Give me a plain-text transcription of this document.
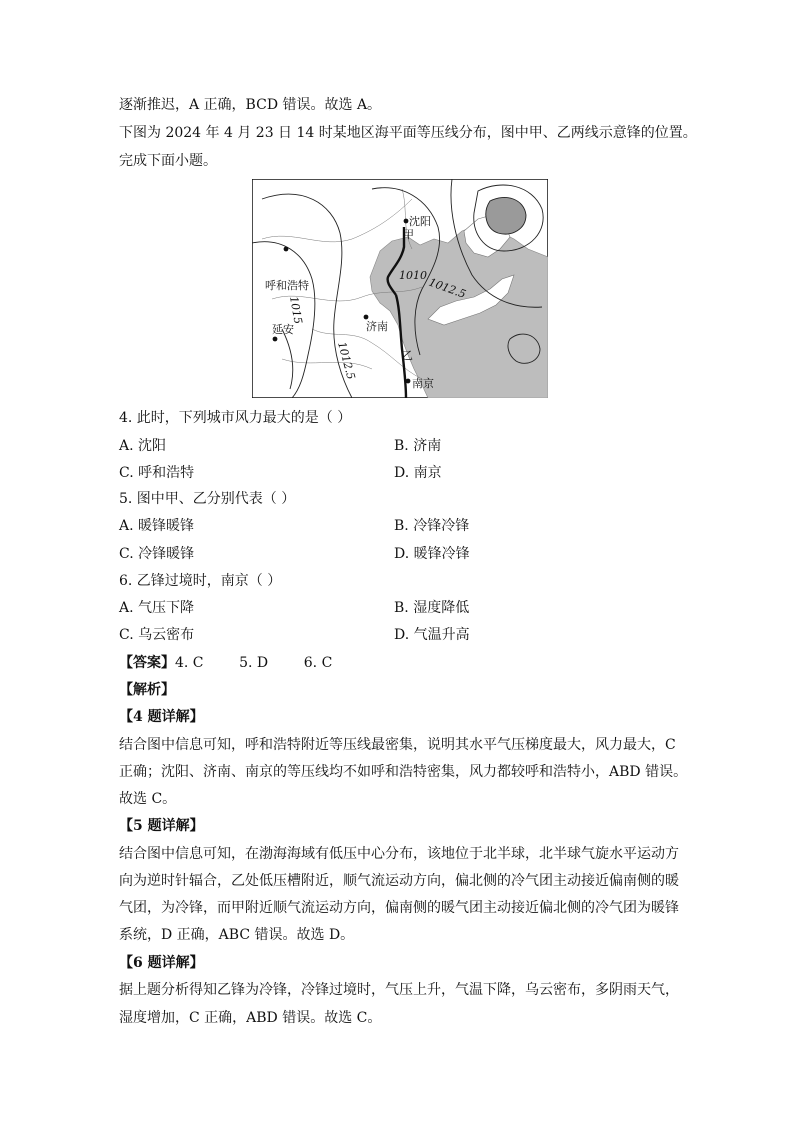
逐渐推迟，A 正确，BCD 错误。故选 A。
下图为 2024 年 4 月 23 日 14 时某地区海平面等压线分布，图中甲、乙两线示意锋的位置。
完成下面小题。
沈阳
甲
呼和浩特
延安	济南
乙
南京
1010
1012.5
1015
1012.5
4. 此时，下列城市风力最大的是（ ）
A. 沈阳	B. 济南
C. 呼和浩特	D. 南京
5. 图中甲、乙分别代表（ ）
A. 暖锋暖锋	B. 冷锋冷锋
C. 冷锋暖锋	D. 暖锋冷锋
6. 乙锋过境时，南京（ ）
A. 气压下降	B. 湿度降低
C. 乌云密布	D. 气温升高
【答案】4. C        5. D        6. C
【解析】
【4 题详解】
结合图中信息可知，呼和浩特附近等压线最密集，说明其水平气压梯度最大，风力最大，C
正确；沈阳、济南、南京的等压线均不如呼和浩特密集，风力都较呼和浩特小，ABD 错误。
故选 C。
【5 题详解】
结合图中信息可知，在渤海海域有低压中心分布，该地位于北半球，北半球气旋水平运动方
向为逆时针辐合，乙处低压槽附近，顺气流运动方向，偏北侧的冷气团主动接近偏南侧的暖
气团，为冷锋，而甲附近顺气流运动方向，偏南侧的暖气团主动接近偏北侧的冷气团为暖锋
系统，D 正确，ABC 错误。故选 D。
【6 题详解】
据上题分析得知乙锋为冷锋，冷锋过境时，气压上升，气温下降，乌云密布，多阴雨天气，
湿度增加，C 正确，ABD 错误。故选 C。
